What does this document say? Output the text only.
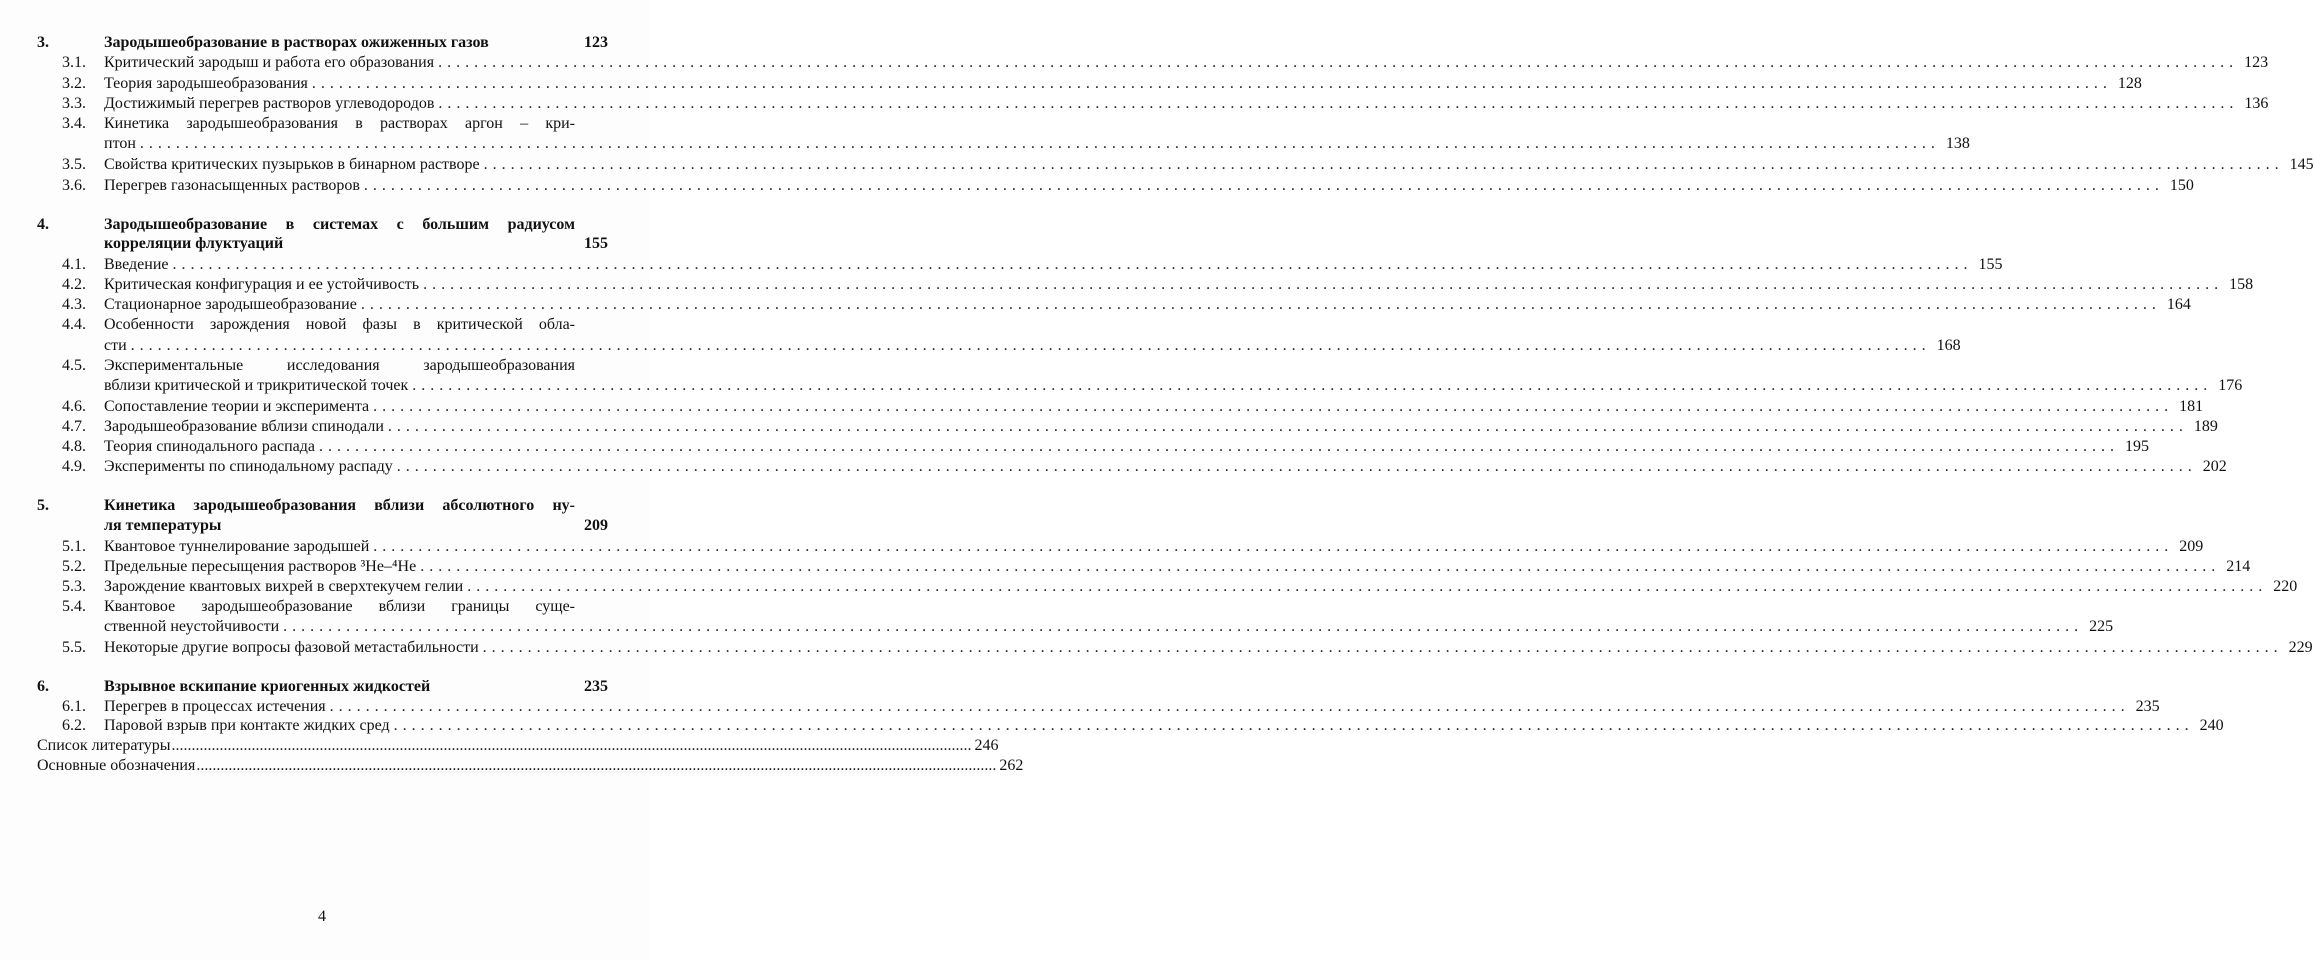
3.	Зародышеобразование в растворах ожиженных газов	123
3.1. Критический зародыш и работа его образования ........................................................................................................................................................................................................ 123
3.2. Теория зародышеобразования ........................................................................................................................................................................................................ 128
3.3. Достижимый перегрев растворов углеводородов ........................................................................................................................................................................................................ 136
3.4. Кинетика зародышеобразования в растворах аргон – кри-
птон ........................................................................................................................................................................................................ 138
3.5. Свойства критических пузырьков в бинарном растворе ........................................................................................................................................................................................................ 145
3.6. Перегрев газонасыщенных растворов ........................................................................................................................................................................................................ 150
4.	Зародышеобразование в системах с большим радиусом
корреляции флуктуаций	155
4.1. Введение ........................................................................................................................................................................................................ 155
4.2. Критическая конфигурация и ее устойчивость ........................................................................................................................................................................................................ 158
4.3. Стационарное зародышеобразование ........................................................................................................................................................................................................ 164
4.4. Особенности зарождения новой фазы в критической обла-
сти ........................................................................................................................................................................................................ 168
4.5. Экспериментальные исследования зародышеобразования
вблизи критической и трикритической точек ........................................................................................................................................................................................................ 176
4.6. Сопоставление теории и эксперимента ........................................................................................................................................................................................................ 181
4.7. Зародышеобразование вблизи спинодали ........................................................................................................................................................................................................ 189
4.8. Теория спинодального распада ........................................................................................................................................................................................................ 195
4.9. Эксперименты по спинодальному распаду ........................................................................................................................................................................................................ 202
5.	Кинетика зародышеобразования вблизи абсолютного ну-
ля температуры	209
5.1. Квантовое туннелирование зародышей ........................................................................................................................................................................................................ 209
5.2. Предельные пересыщения растворов ³He–⁴He ........................................................................................................................................................................................................ 214
5.3. Зарождение квантовых вихрей в сверхтекучем гелии ........................................................................................................................................................................................................ 220
5.4. Квантовое зародышеобразование вблизи границы суще-
ственной неустойчивости ........................................................................................................................................................................................................ 225
5.5. Некоторые другие вопросы фазовой метастабильности ........................................................................................................................................................................................................ 229
6.	Взрывное вскипание криогенных жидкостей	235
6.1. Перегрев в процессах истечения ........................................................................................................................................................................................................ 235
6.2. Паровой взрыв при контакте жидких сред ........................................................................................................................................................................................................ 240
Список литературы ........................................................................................................................................................................................................ 246
Основные обозначения ........................................................................................................................................................................................................ 262
4
